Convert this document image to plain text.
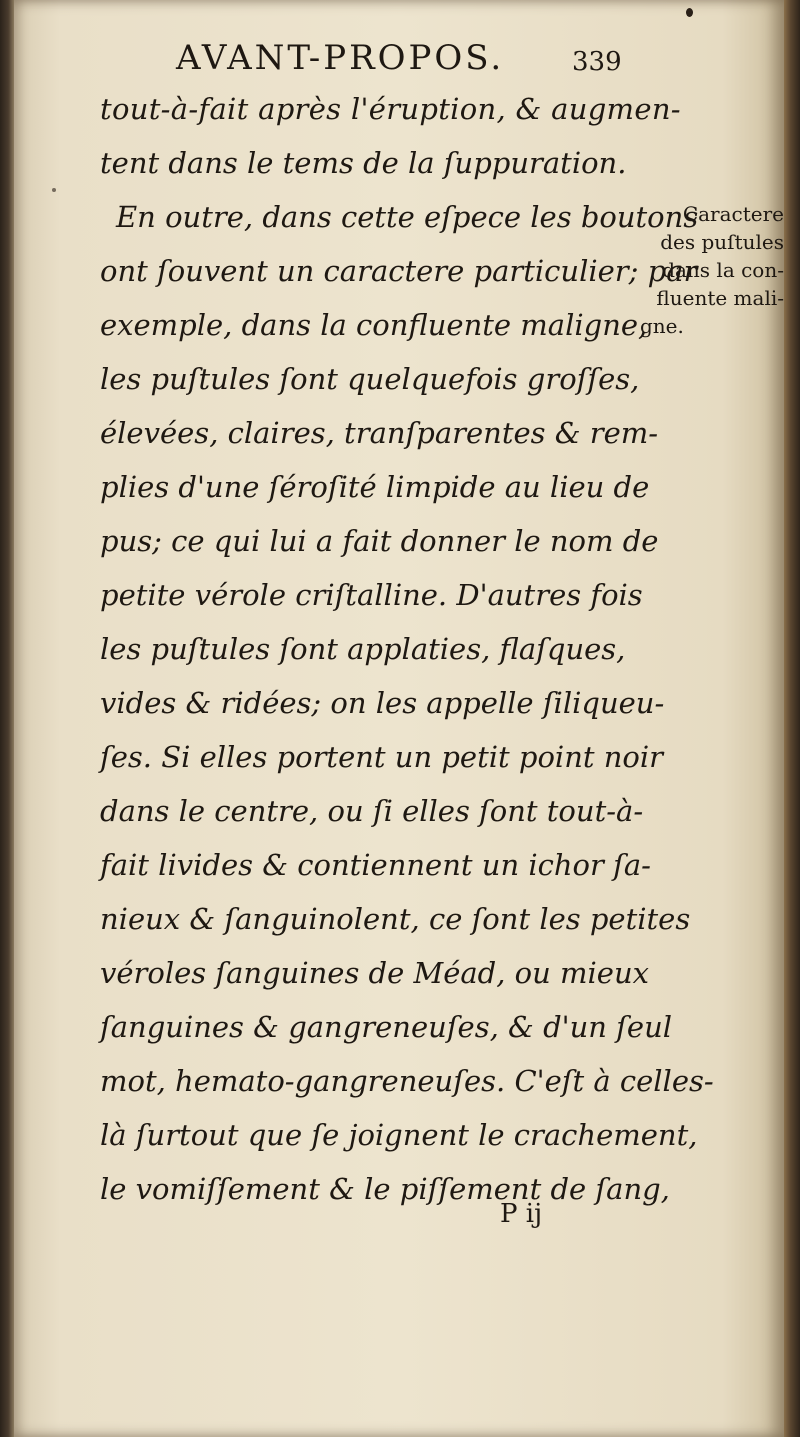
AVANT-PROPOS.	339
tout-à-fait après l'éruption, & augmen-
tent dans le tems de la ſuppuration.
En outre, dans cette eſpece les boutons
ont ſouvent un caractere particulier; par
exemple, dans la confluente maligne,
les puſtules ſont quelquefois groſſes,
élevées, claires, tranſparentes & rem-
plies d'une ſéroſité limpide au lieu de
pus; ce qui lui a fait donner le nom de
petite vérole criſtalline. D'autres fois
les puſtules ſont applaties, flaſques,
vides & ridées; on les appelle ſiliqueu-
ſes. Si elles portent un petit point noir
dans le centre, ou ſi elles ſont tout-à-
fait livides & contiennent un ichor ſa-
nieux & ſanguinolent, ce ſont les petites
véroles ſanguines de Méad, ou mieux
ſanguines & gangreneuſes, & d'un ſeul
mot, hemato-gangreneuſes. C'eſt à celles-
là ſurtout que ſe joignent le crachement,
le vomiſſement & le piſſement de ſang,
Caractere
des puſtules
dans la con-
fluente mali-
gne.
P ij
